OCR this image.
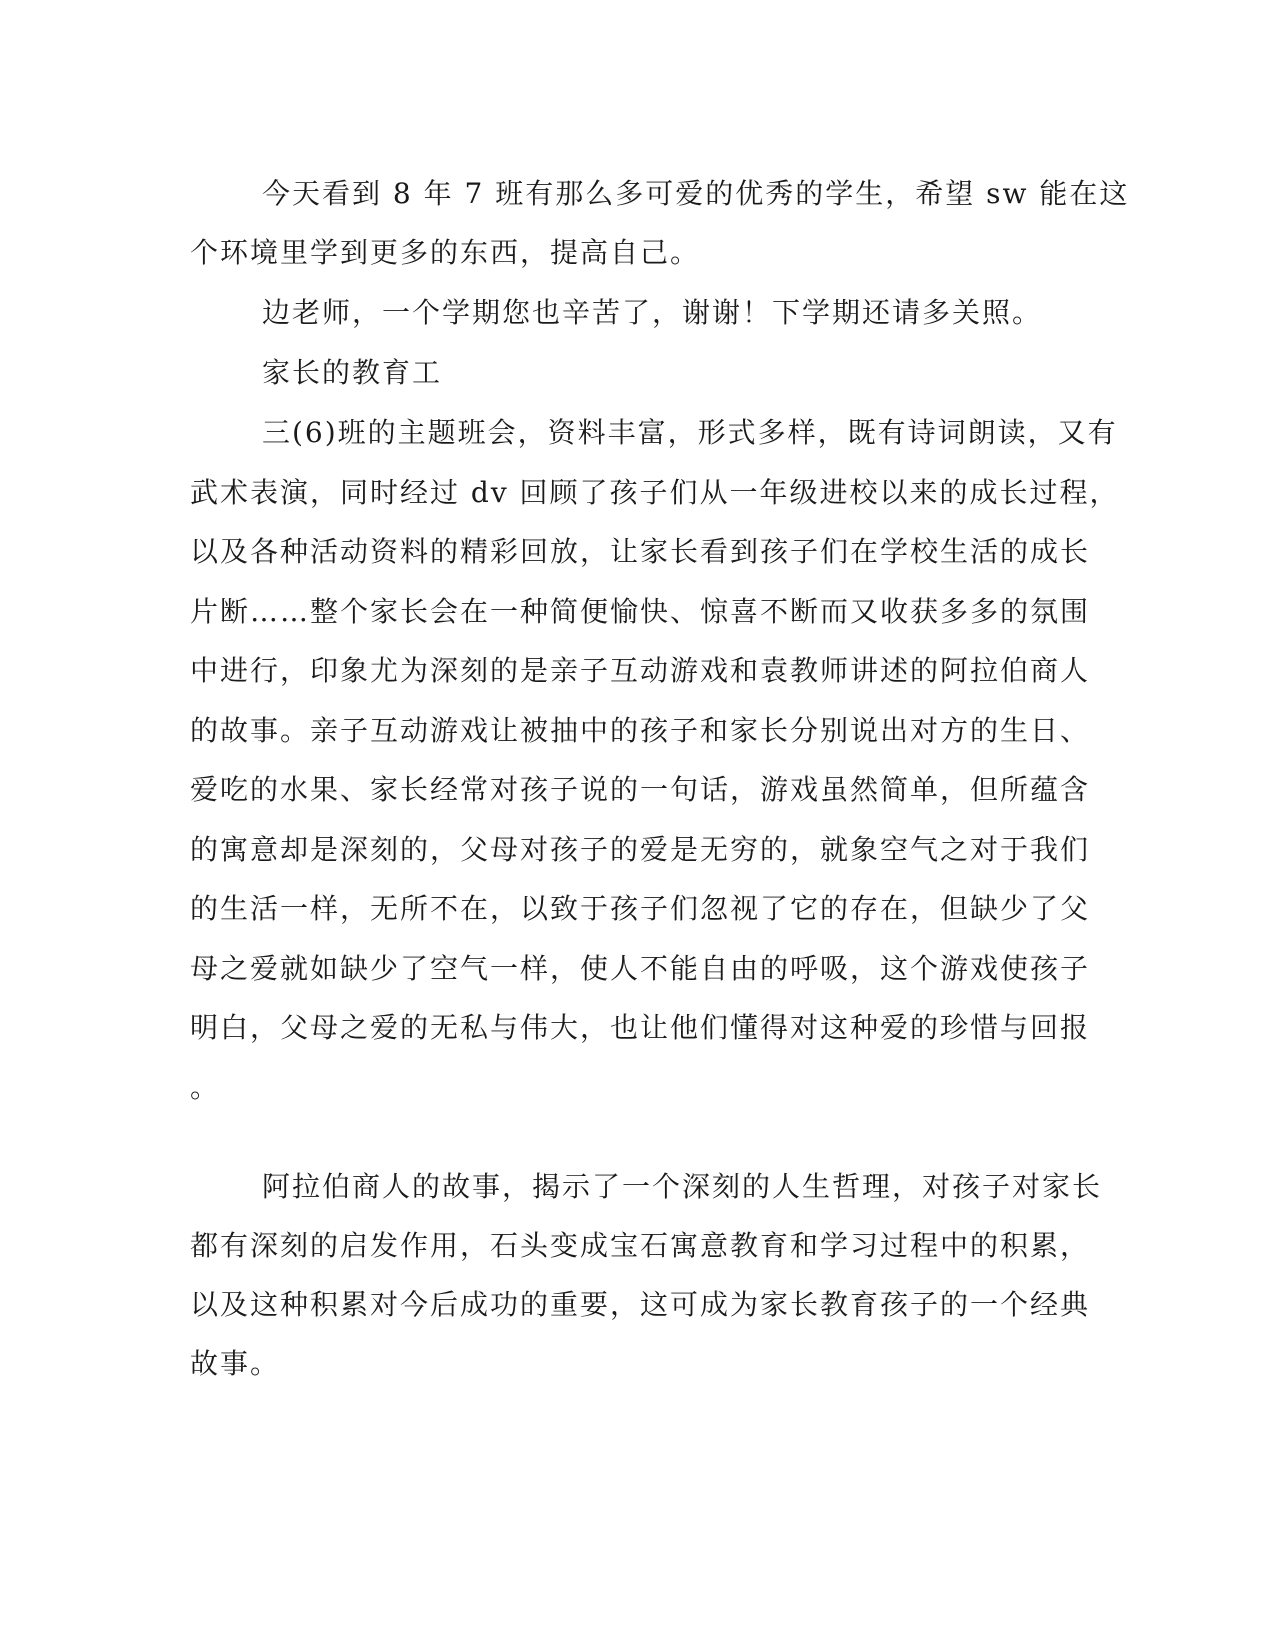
今天看到 8 年 7 班有那么多可爱的优秀的学生，希望 sw 能在这
个环境里学到更多的东西，提高自己。
边老师，一个学期您也辛苦了，谢谢！下学期还请多关照。
家长的教育工
三(6)班的主题班会，资料丰富，形式多样，既有诗词朗读，又有
武术表演，同时经过 dv 回顾了孩子们从一年级进校以来的成长过程，
以及各种活动资料的精彩回放，让家长看到孩子们在学校生活的成长
片断……整个家长会在一种简便愉快、惊喜不断而又收获多多的氛围
中进行，印象尤为深刻的是亲子互动游戏和袁教师讲述的阿拉伯商人
的故事。亲子互动游戏让被抽中的孩子和家长分别说出对方的生日、
爱吃的水果、家长经常对孩子说的一句话，游戏虽然简单，但所蕴含
的寓意却是深刻的，父母对孩子的爱是无穷的，就象空气之对于我们
的生活一样，无所不在，以致于孩子们忽视了它的存在，但缺少了父
母之爱就如缺少了空气一样，使人不能自由的呼吸，这个游戏使孩子
明白，父母之爱的无私与伟大，也让他们懂得对这种爱的珍惜与回报
。
阿拉伯商人的故事，揭示了一个深刻的人生哲理，对孩子对家长
都有深刻的启发作用，石头变成宝石寓意教育和学习过程中的积累，
以及这种积累对今后成功的重要，这可成为家长教育孩子的一个经典
故事。
